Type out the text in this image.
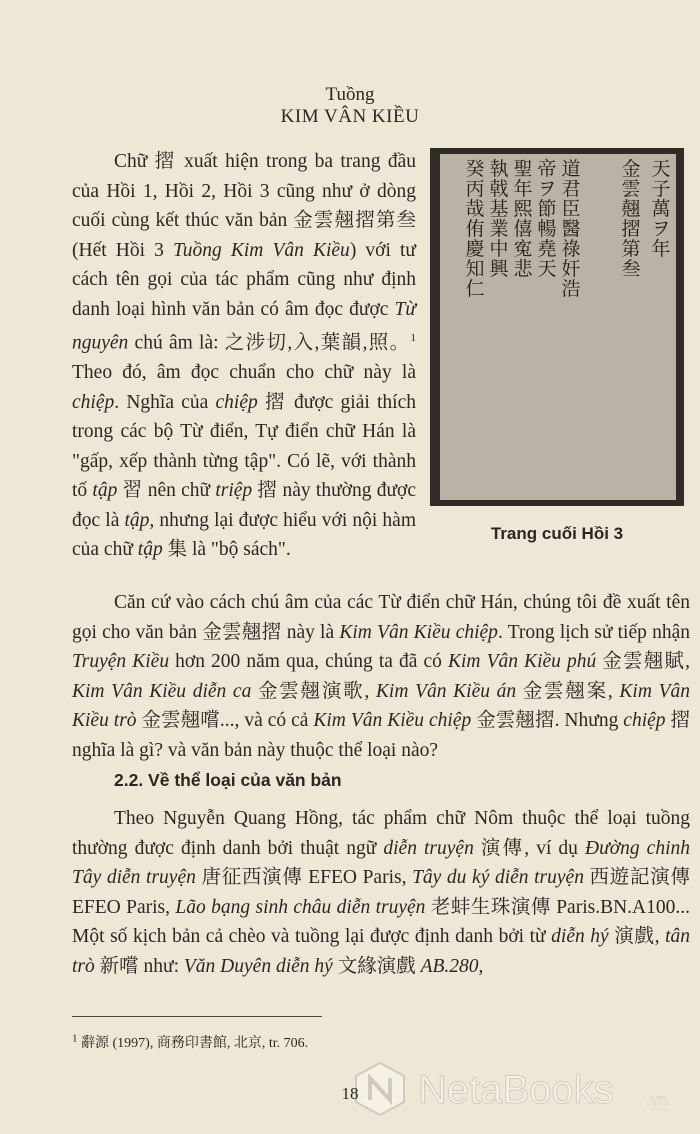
Tuồng
KIM VÂN KIỀU

Chữ 摺 xuất hiện trong ba trang đầu của Hồi 1, Hồi 2, Hồi 3 cũng như ở dòng cuối cùng kết thúc văn bản 金雲翹摺第叁 (Hết Hồi 3 Tuồng Kim Vân Kiều) với tư cách tên gọi của tác phẩm cũng như định danh loại hình văn bản có âm đọc được Từ nguyên chú âm là: 之涉切,入,葉韻,照。$^1$ Theo đó, âm đọc chuẩn cho chữ này là chiệp. Nghĩa của chiệp 摺 được giải thích trong các bộ Từ điển, Tự điển chữ Hán là "gấp, xếp thành từng tập". Có lẽ, với thành tố tập 習 nên chữ triệp 摺 này thường được đọc là tập, nhưng lại được hiểu với nội hàm của chữ tập 集 là "bộ sách".

天子萬ヲ年
金雲翹摺第叁
道君臣醫祿奸浩
帝ヲ節暢堯天
聖年熙僖寃悲
執戟基業中興
癸丙哉侑慶知仁
Trang cuối Hồi 3

Căn cứ vào cách chú âm của các Từ điển chữ Hán, chúng tôi đề xuất tên gọi cho văn bản 金雲翹摺 này là Kim Vân Kiều chiệp. Trong lịch sử tiếp nhận Truyện Kiều hơn 200 năm qua, chúng ta đã có Kim Vân Kiều phú 金雲翹賦, Kim Vân Kiều diễn ca 金雲翹演歌, Kim Vân Kiều án 金雲翹案, Kim Vân Kiều trò 金雲翹嚐..., và có cả Kim Vân Kiều chiệp 金雲翹摺. Nhưng chiệp 摺 nghĩa là gì? và văn bản này thuộc thể loại nào?

2.2. Về thể loại của văn bản

Theo Nguyễn Quang Hồng, tác phẩm chữ Nôm thuộc thể loại tuồng thường được định danh bởi thuật ngữ diễn truyện 演傳, ví dụ Đường chinh Tây diễn truyện 唐征西演傳 EFEO Paris, Tây du ký diễn truyện 西遊記演傳 EFEO Paris, Lão bạng sinh châu diễn truyện 老蚌生珠演傳 Paris.BN.A100... Một số kịch bản cả chèo và tuồng lại được định danh bởi từ diễn hý 演戲, tân trò 新嚐 như: Văn Duyên diễn hý 文緣演戲 AB.280,

$^1$ 辭源 (1997), 商務印書館, 北京, tr. 706.
NetaBooks .vn
18
